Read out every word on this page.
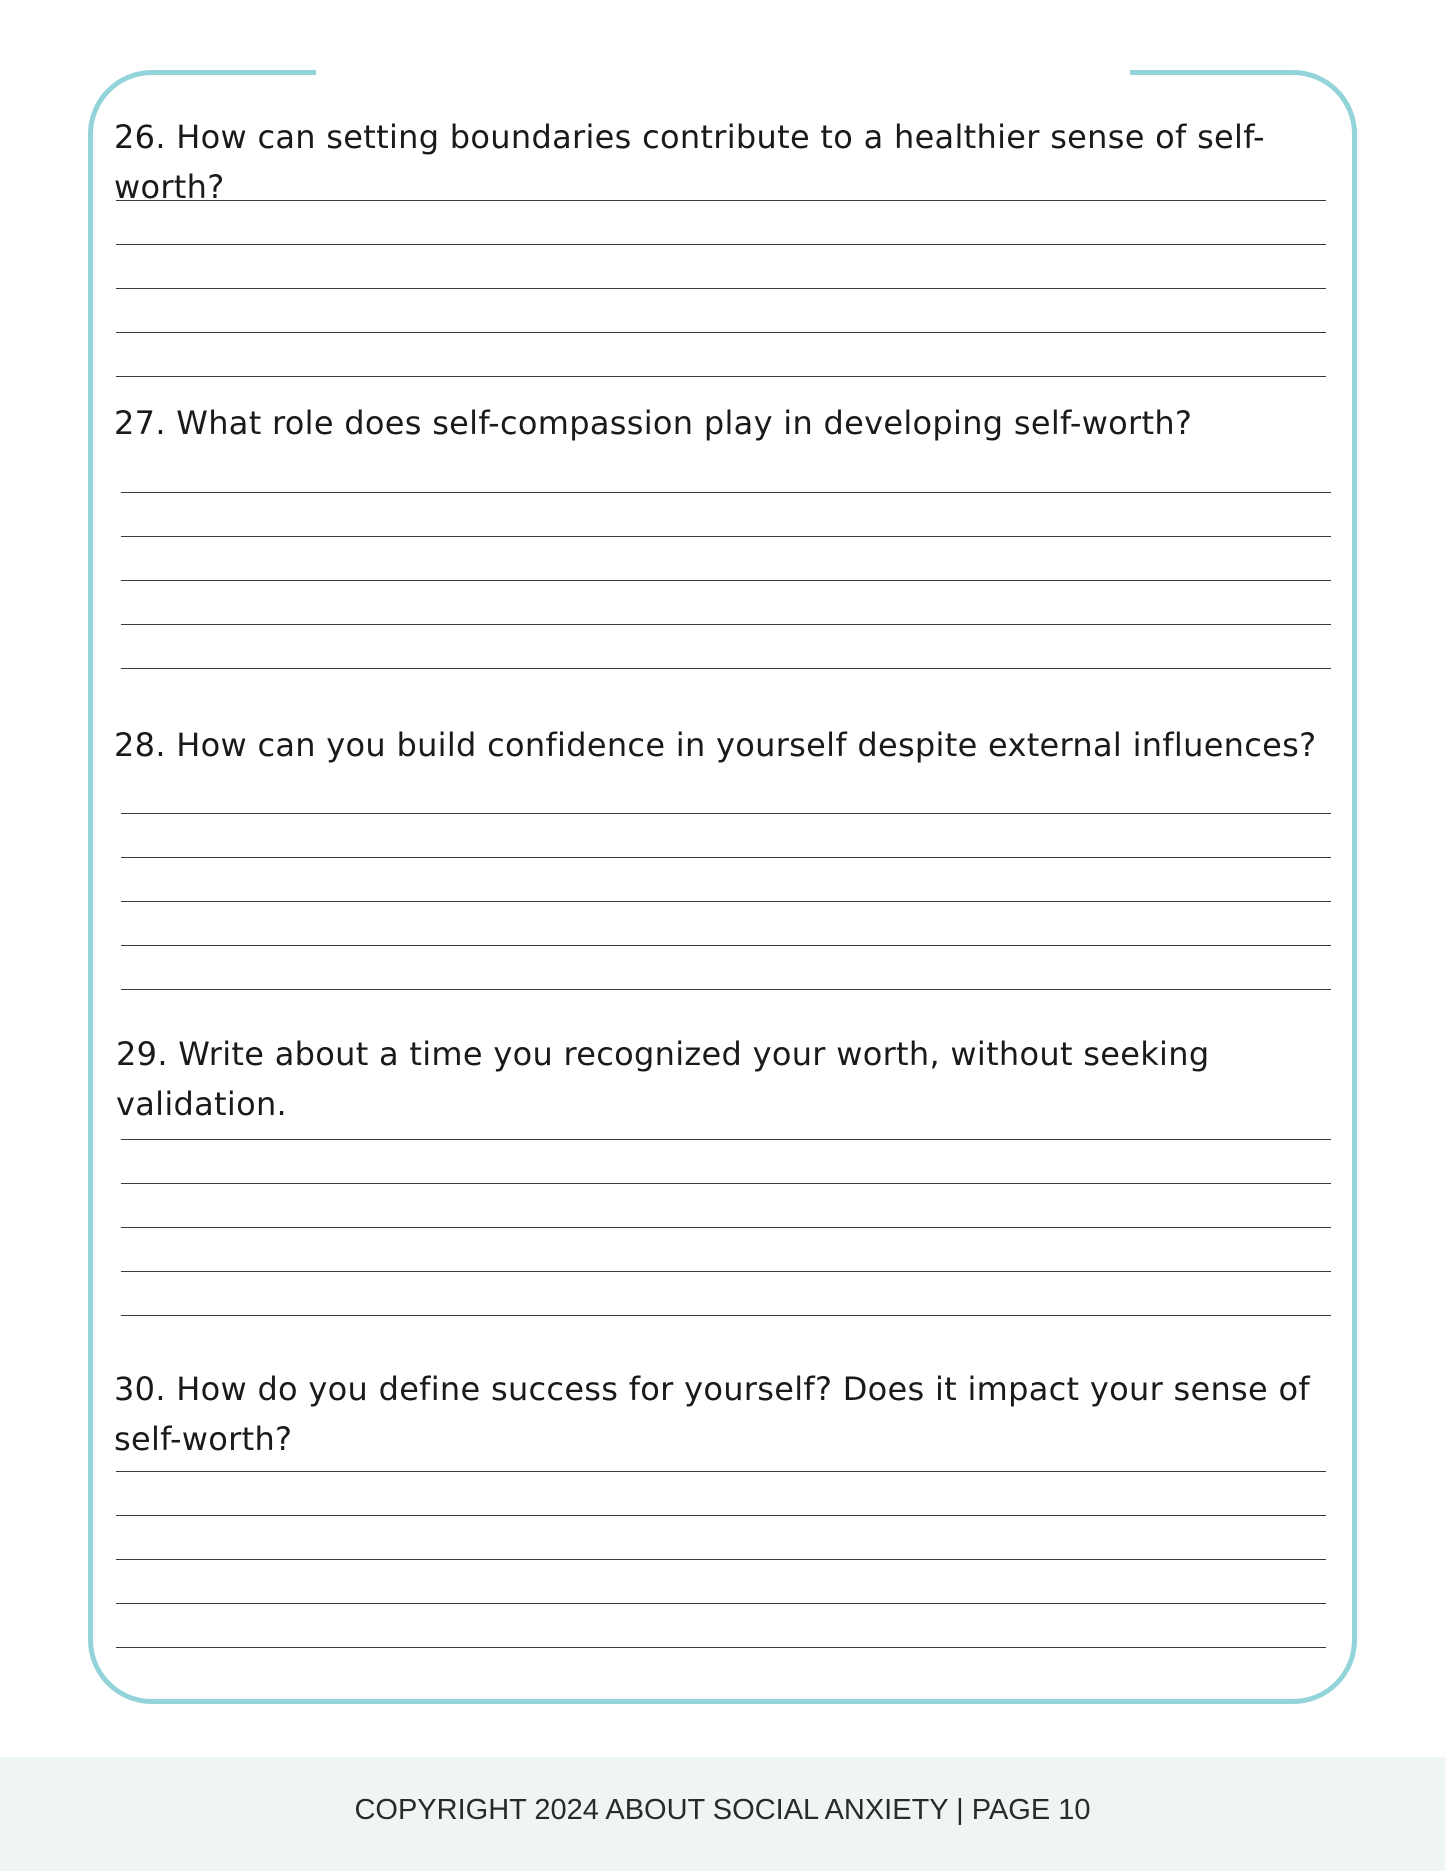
26. How can setting boundaries contribute to a healthier sense of self-worth?

27. What role does self-compassion play in developing self-worth?

28. How can you build confidence in yourself despite external influences?

29. Write about a time you recognized your worth, without seeking validation.

30. How do you define success for yourself? Does it impact your sense of self-worth?

COPYRIGHT 2024 ABOUT SOCIAL ANXIETY | PAGE 10
